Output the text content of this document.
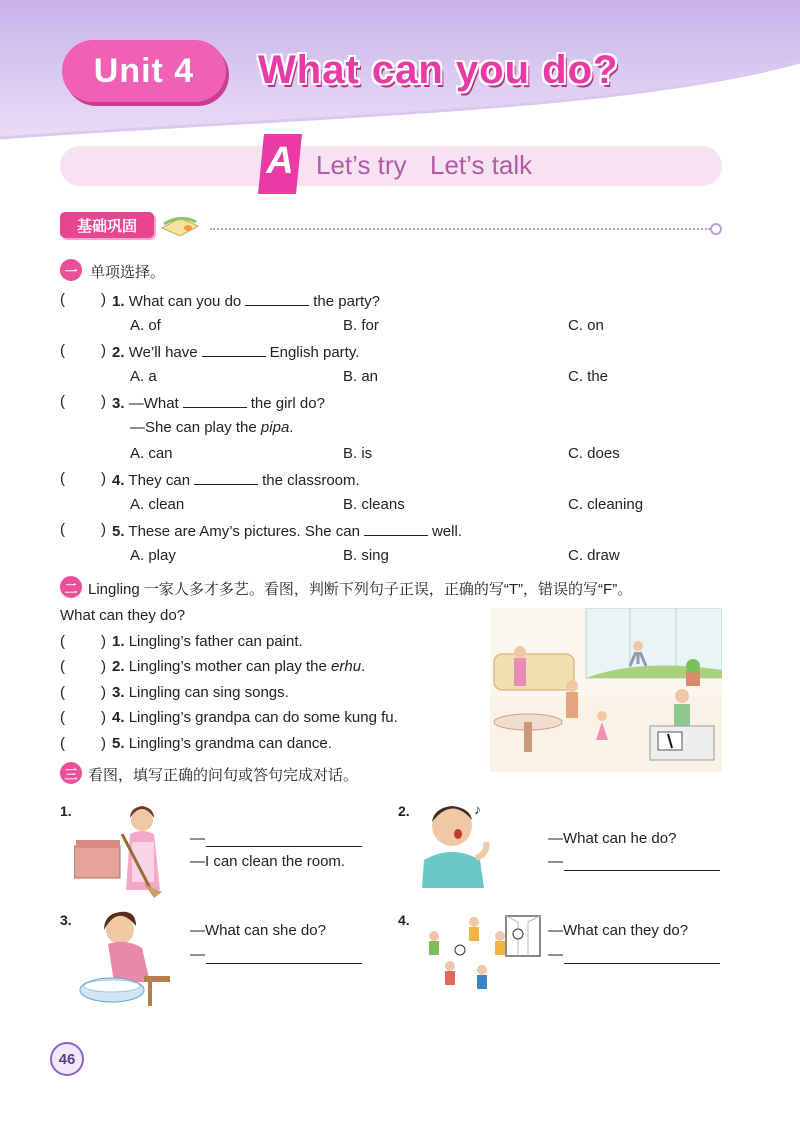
Unit 4 What can you do?
A Let’s try Let’s talk
基础巩固
一 单项选择。
( ) 1. What can you do	the party?
A. of	B. for	C. on
( ) 2. We’ll have	English party.
A. a	B. an	C. the
( ) 3. —What	the girl do?
—She can play the pipa.
A. can	B. is	C. does
( ) 4. They can	the classroom.
A. clean	B. cleans	C. cleaning
( ) 5. These are Amy’s pictures. She can	well.
A. play	B. sing	C. draw
二 Lingling 一家人多才多艺。看图，判断下列句子正误，正确的写“T”，错误的写“F”。
What can they do?
( ) 1. Lingling’s father can paint.
( ) 2. Lingling’s mother can play the erhu.
( ) 3. Lingling can sing songs.
( ) 4. Lingling’s grandpa can do some kung fu.
( ) 5. Lingling’s grandma can dance.
三 看图，填写正确的问句或答句完成对话。
1.
—
—I can clean the room.
2.	♪
—What can he do?
—
3.
—What can she do?
—
4.
—What can they do?
—
46
